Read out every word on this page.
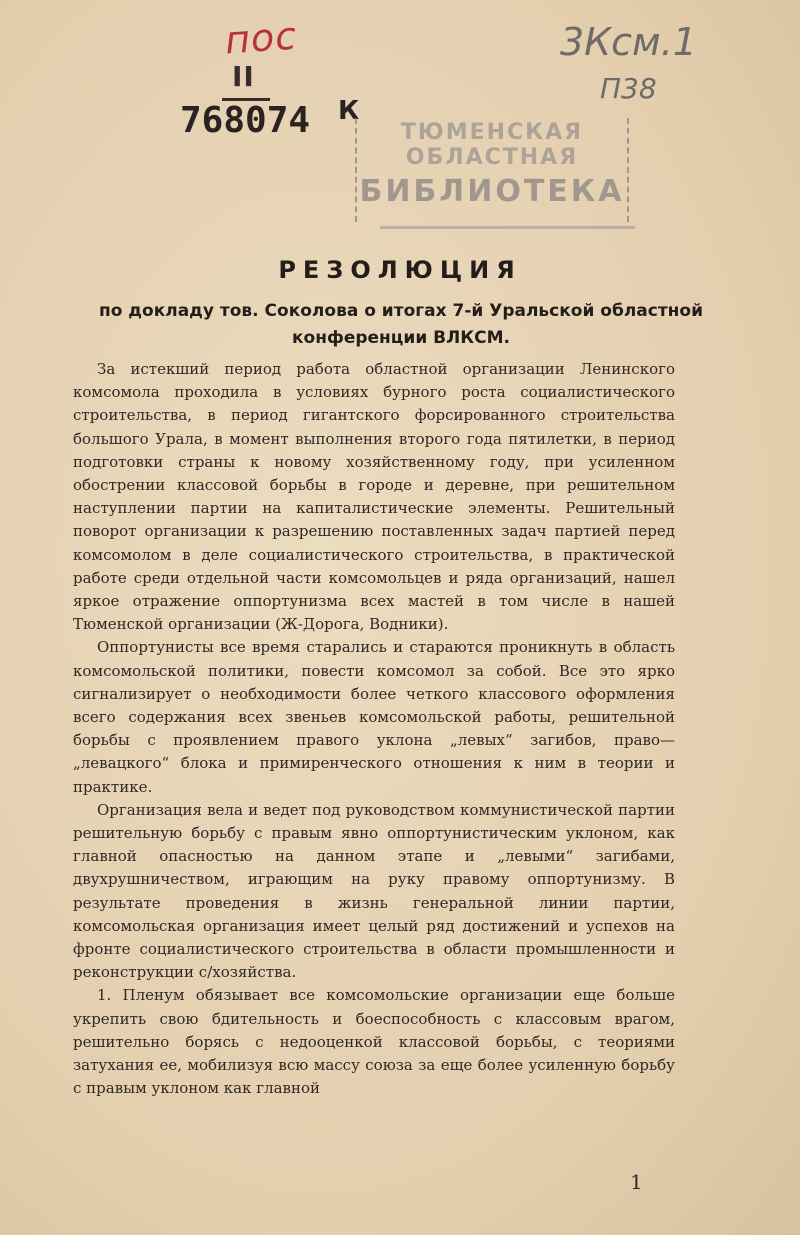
пос
II
768074 К
3Ксм.1
П38
ТЮМЕНСКАЯ
ОБЛАСТНАЯ
БИБЛИОТЕКА
РЕЗОЛЮЦИЯ
по докладу тов. Соколова о итогах 7-й Уральской областной конференции ВЛКСМ.

За истекший период работа областной организации Ленинского комсомола проходила в условиях бурного роста социалистического строительства, в период гигантского форсированного строительства большого Урала, в момент выполнения второго года пятилетки, в период подготовки страны к новому хозяйственному году, при усиленном обострении классовой борьбы в городе и деревне, при решительном наступлении партии на капиталистические элементы. Решительный поворот организации к разрешению поставленных задач партией перед комсомолом в деле социалистического строительства, в практической работе среди отдельной части комсомольцев и ряда организаций, нашел яркое отражение оппортунизма всех мастей в том числе в нашей Тюменской организации (Ж-Дорога, Водники).

Оппортунисты все время старались и стараются проникнуть в область комсомольской политики, повести комсомол за собой. Все это ярко сигнализирует о необходимости более четкого классового оформления всего содержания всех звеньев комсомольской работы, решительной борьбы с проявлением правого уклона „левых“ загибов, право—„левацкого“ блока и примиренческого отношения к ним в теории и практике.

Организация вела и ведет под руководством коммунистической партии решительную борьбу с правым явно оппортунистическим уклоном, как главной опасностью на данном этапе и „левыми“ загибами, двухрушничеством, играющим на руку правому оппортунизму. В результате проведения в жизнь генеральной линии партии, комсомольская организация имеет целый ряд достижений и успехов на фронте социалистического строительства в области промышленности и реконструкции с/хозяйства.

1. Пленум обязывает все комсомольские организации еще больше укрепить свою бдительность и боеспособность с классовым врагом, решительно борясь с недооценкой классовой борьбы, с теориями затухания ее, мобилизуя всю массу союза за еще более усиленную борьбу с правым уклоном как главной

1
